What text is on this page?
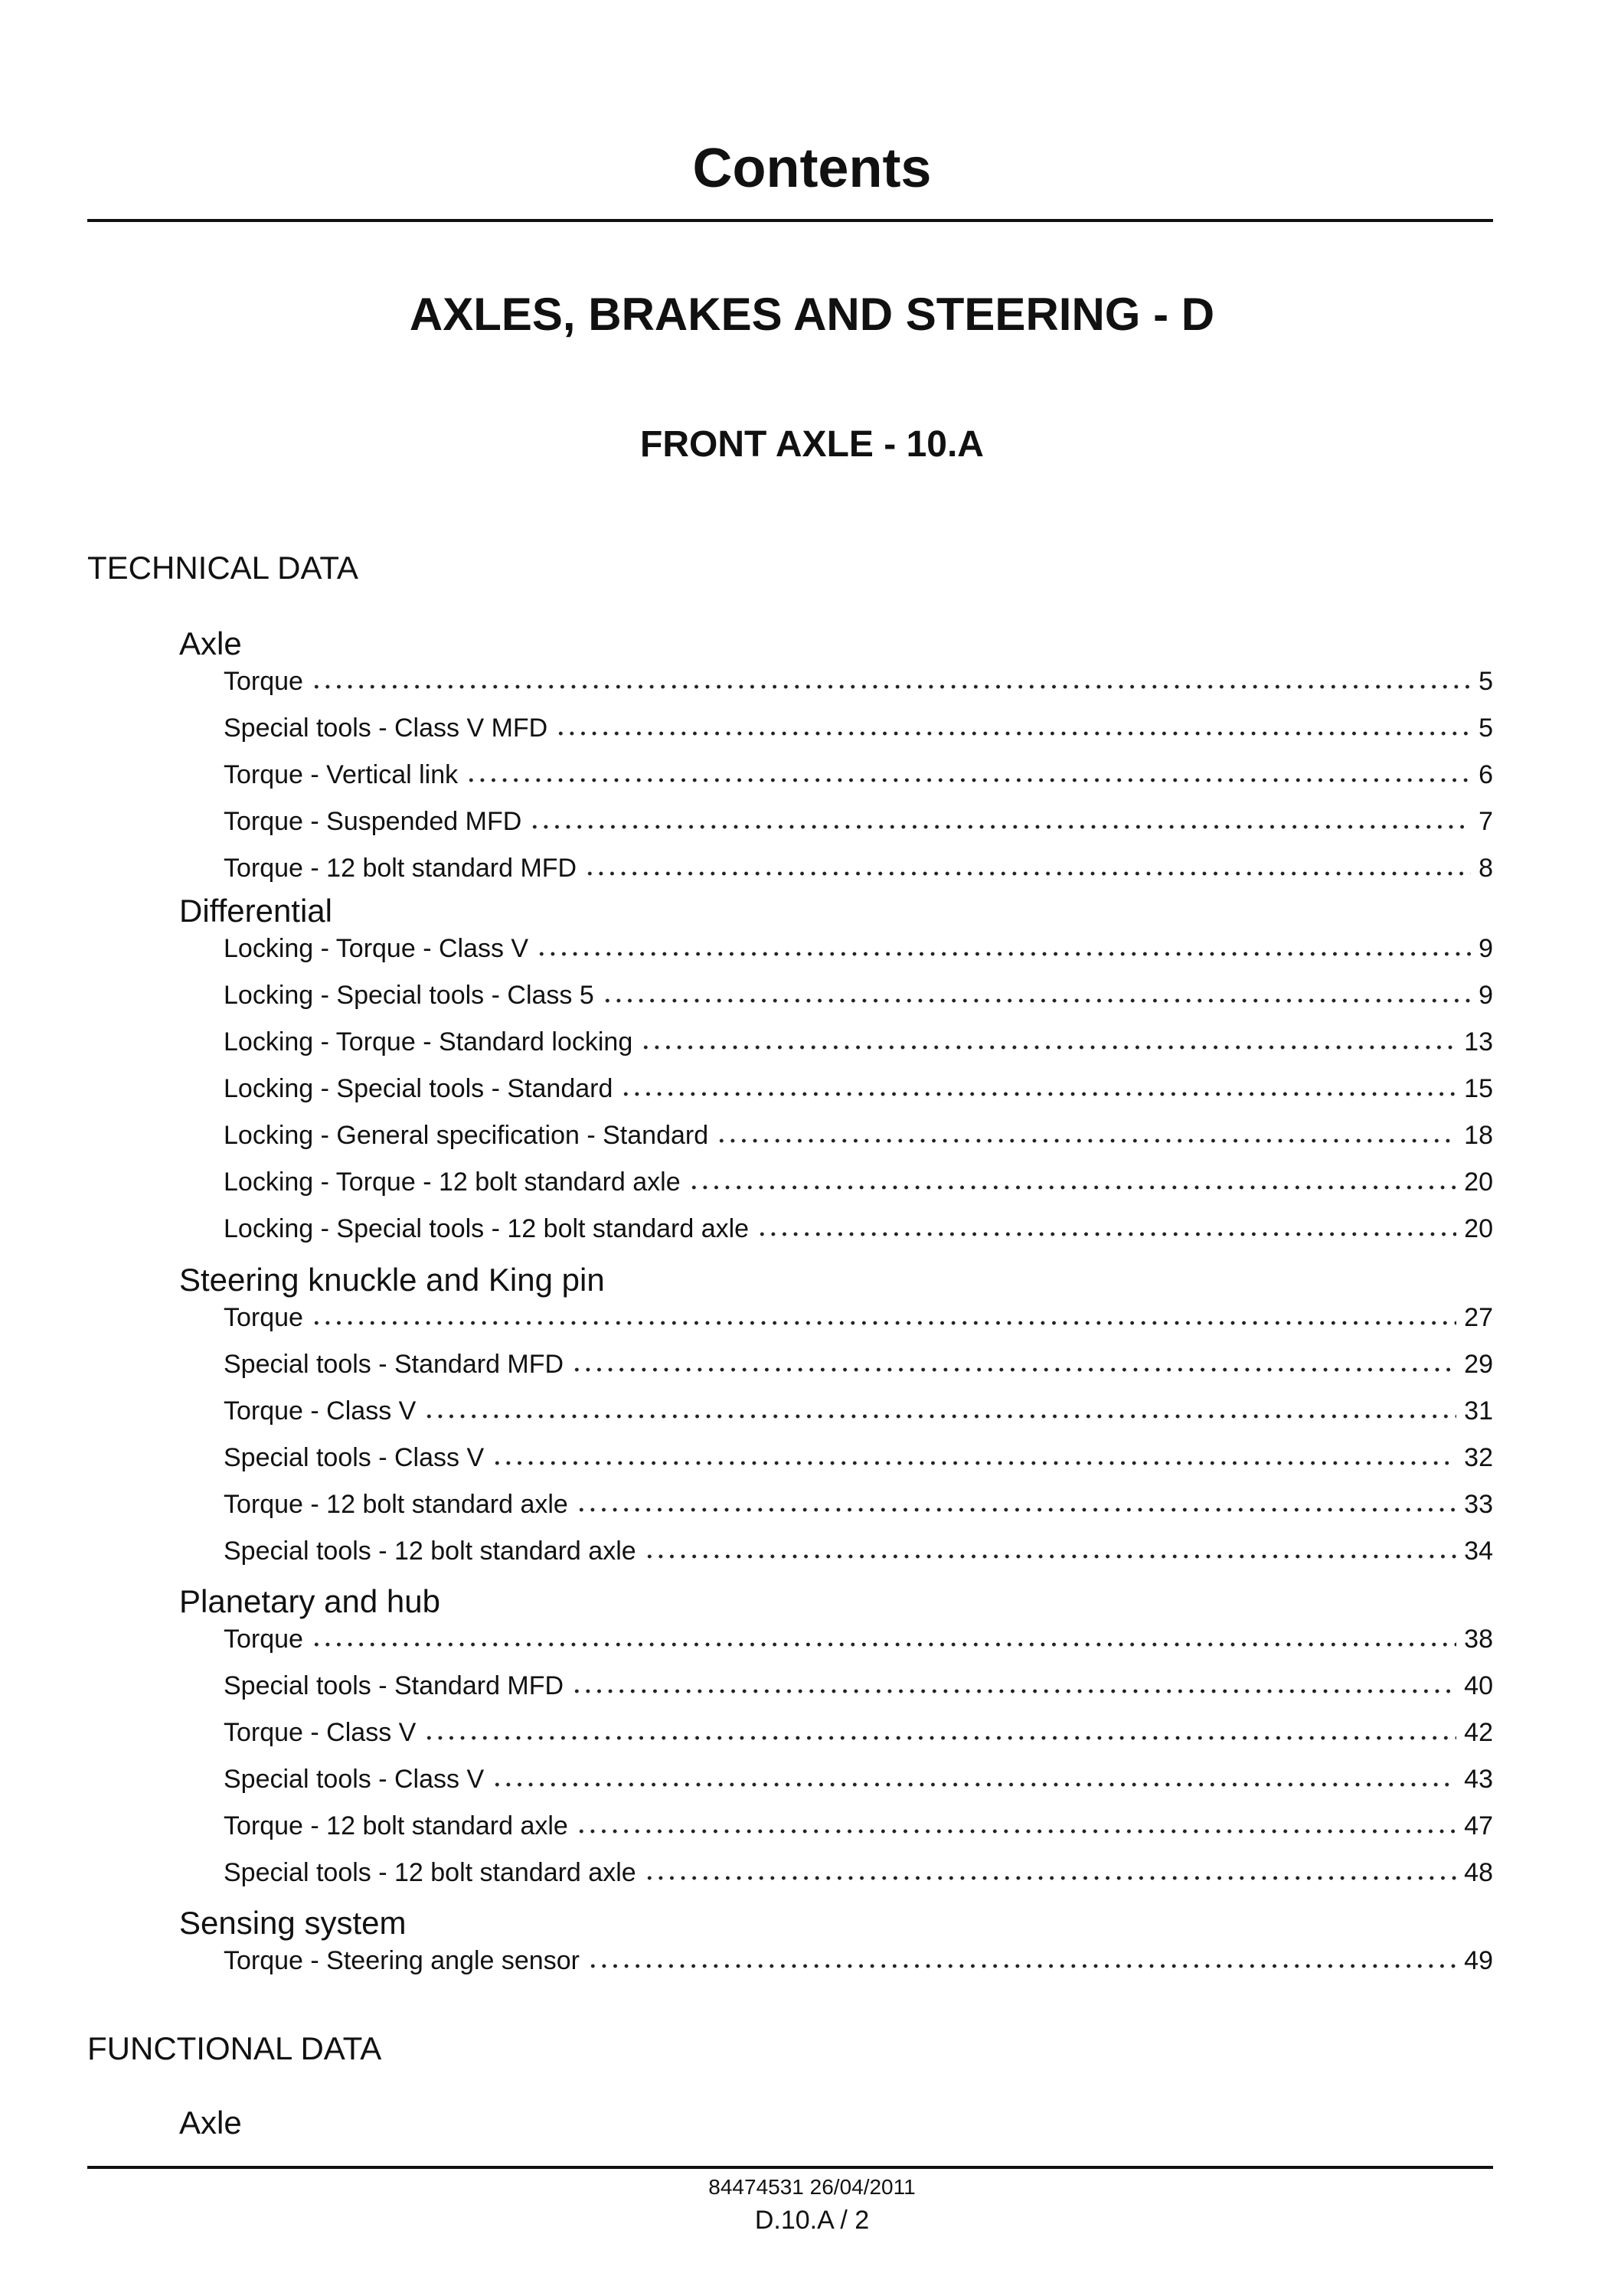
Contents
AXLES, BRAKES AND STEERING - D
FRONT AXLE - 10.A
TECHNICAL DATA
Axle
Torque	5
Special tools - Class V MFD	5
Torque - Vertical link	6
Torque - Suspended MFD	7
Torque - 12 bolt standard MFD	8
Differential
Locking - Torque - Class V	9
Locking - Special tools - Class 5	9
Locking - Torque - Standard locking	13
Locking - Special tools - Standard	15
Locking - General specification - Standard	18
Locking - Torque - 12 bolt standard axle	20
Locking - Special tools - 12 bolt standard axle	20
Steering knuckle and King pin
Torque	27
Special tools - Standard MFD	29
Torque - Class V	31
Special tools - Class V	32
Torque - 12 bolt standard axle	33
Special tools - 12 bolt standard axle	34
Planetary and hub
Torque	38
Special tools - Standard MFD	40
Torque - Class V	42
Special tools - Class V	43
Torque - 12 bolt standard axle	47
Special tools - 12 bolt standard axle	48
Sensing system
Torque - Steering angle sensor	49
FUNCTIONAL DATA
Axle
84474531 26/04/2011
D.10.A / 2
